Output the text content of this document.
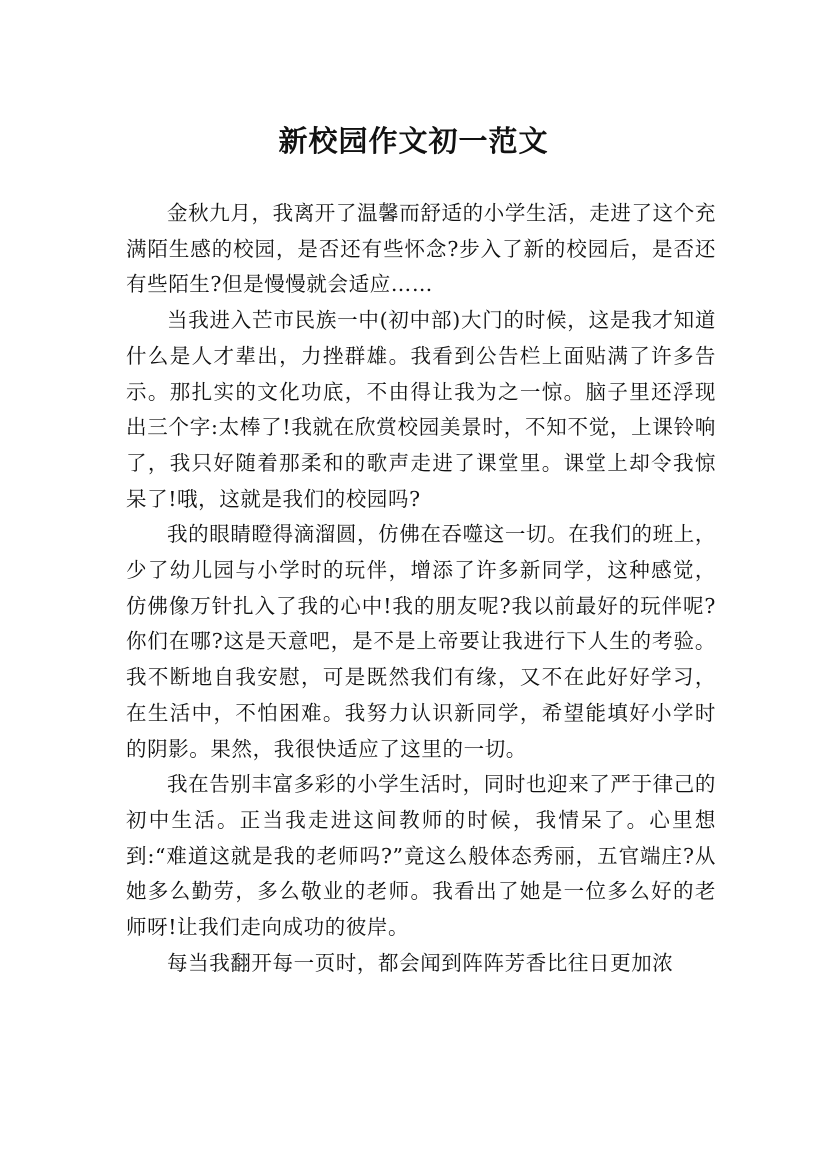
新校园作文初一范文

金秋九月，我离开了温馨而舒适的小学生活，走进了这个充满陌生感的校园，是否还有些怀念?步入了新的校园后，是否还有些陌生?但是慢慢就会适应……

当我进入芒市民族一中(初中部)大门的时候，这是我才知道什么是人才辈出，力挫群雄。我看到公告栏上面贴满了许多告示。那扎实的文化功底，不由得让我为之一惊。脑子里还浮现出三个字:太棒了!我就在欣赏校园美景时，不知不觉，上课铃响了，我只好随着那柔和的歌声走进了课堂里。课堂上却令我惊呆了!哦，这就是我们的校园吗?

我的眼睛瞪得滴溜圆，仿佛在吞噬这一切。在我们的班上，少了幼儿园与小学时的玩伴，增添了许多新同学，这种感觉，仿佛像万针扎入了我的心中!我的朋友呢?我以前最好的玩伴呢?你们在哪?这是天意吧，是不是上帝要让我进行下人生的考验。我不断地自我安慰，可是既然我们有缘，又不在此好好学习，在生活中，不怕困难。我努力认识新同学，希望能填好小学时的阴影。果然，我很快适应了这里的一切。

我在告别丰富多彩的小学生活时，同时也迎来了严于律己的初中生活。正当我走进这间教师的时候，我情呆了。心里想到:“难道这就是我的老师吗?”竟这么般体态秀丽，五官端庄?从她多么勤劳，多么敬业的老师。我看出了她是一位多么好的老师呀!让我们走向成功的彼岸。

每当我翻开每一页时，都会闻到阵阵芳香比往日更加浓
